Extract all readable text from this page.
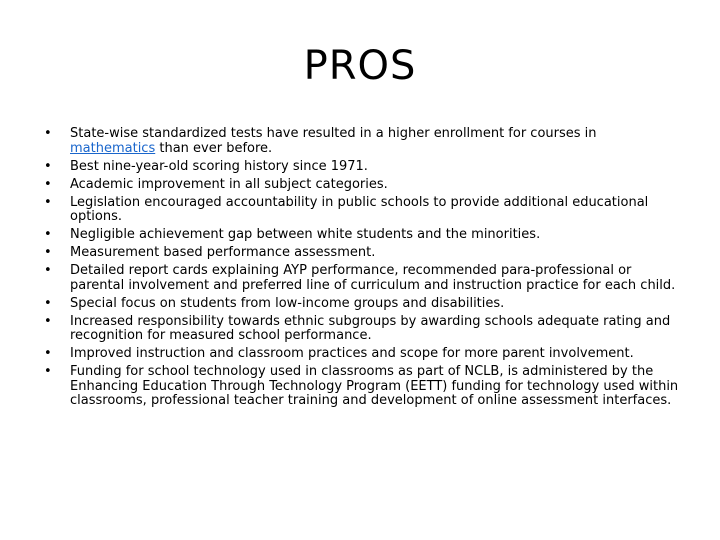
PROS
• State-wise standardized tests have resulted in a higher enrollment for courses in mathematics than ever before.
• Best nine-year-old scoring history since 1971.
• Academic improvement in all subject categories.
• Legislation encouraged accountability in public schools to provide additional educational options.
• Negligible achievement gap between white students and the minorities.
• Measurement based performance assessment.
• Detailed report cards explaining AYP performance, recommended para-professional or parental involvement and preferred line of curriculum and instruction practice for each child.
• Special focus on students from low-income groups and disabilities.
• Increased responsibility towards ethnic subgroups by awarding schools adequate rating and recognition for measured school performance.
• Improved instruction and classroom practices and scope for more parent involvement.
• Funding for school technology used in classrooms as part of NCLB, is administered by the Enhancing Education Through Technology Program (EETT) funding for technology used within classrooms, professional teacher training and development of online assessment interfaces.
